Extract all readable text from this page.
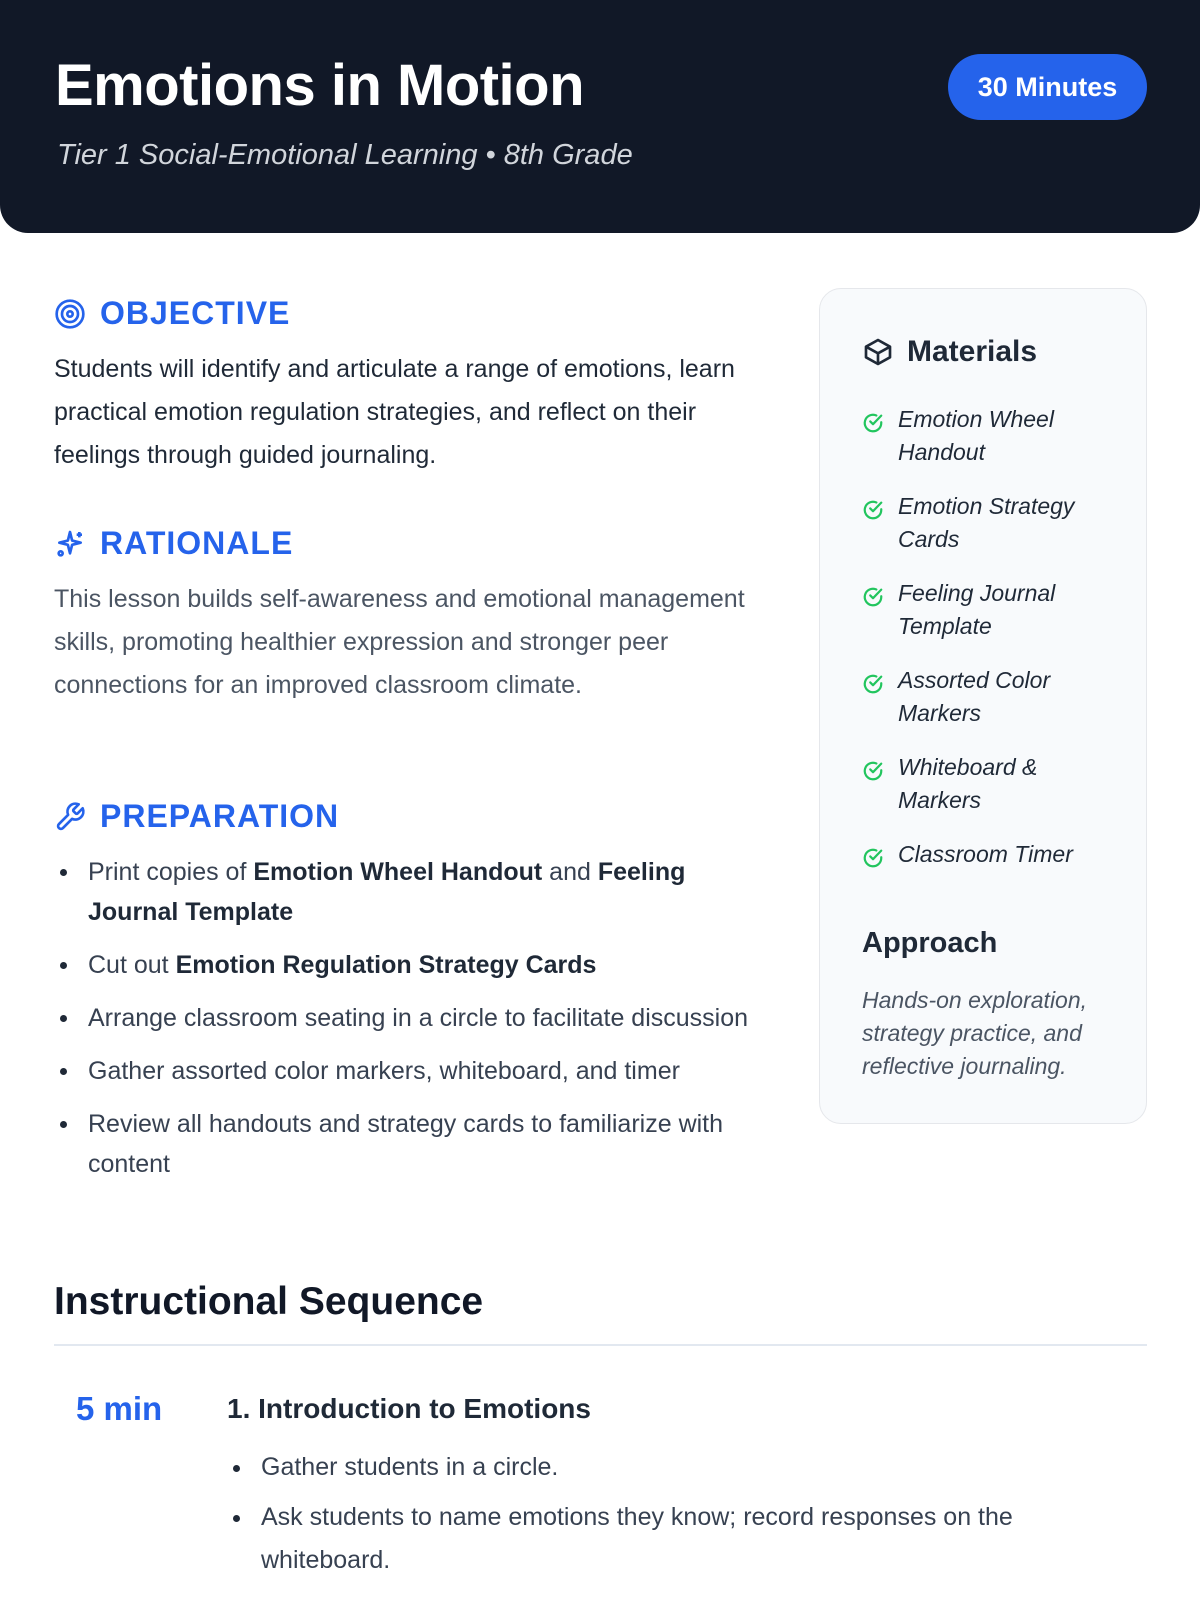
Emotions in Motion
Tier 1 Social-Emotional Learning • 8th Grade
30 Minutes
OBJECTIVE
Students will identify and articulate a range of emotions, learn practical emotion regulation strategies, and reflect on their feelings through guided journaling.
RATIONALE
This lesson builds self-awareness and emotional management skills, promoting healthier expression and stronger peer connections for an improved classroom climate.
PREPARATION
Print copies of Emotion Wheel Handout and Feeling Journal Template
Cut out Emotion Regulation Strategy Cards
Arrange classroom seating in a circle to facilitate discussion
Gather assorted color markers, whiteboard, and timer
Review all handouts and strategy cards to familiarize with content
Materials
Emotion Wheel Handout
Emotion Strategy Cards
Feeling Journal Template
Assorted Color Markers
Whiteboard & Markers
Classroom Timer
Approach
Hands-on exploration, strategy practice, and reflective journaling.
Instructional Sequence
5 min 1. Introduction to Emotions
Gather students in a circle.
Ask students to name emotions they know; record responses on the whiteboard.
